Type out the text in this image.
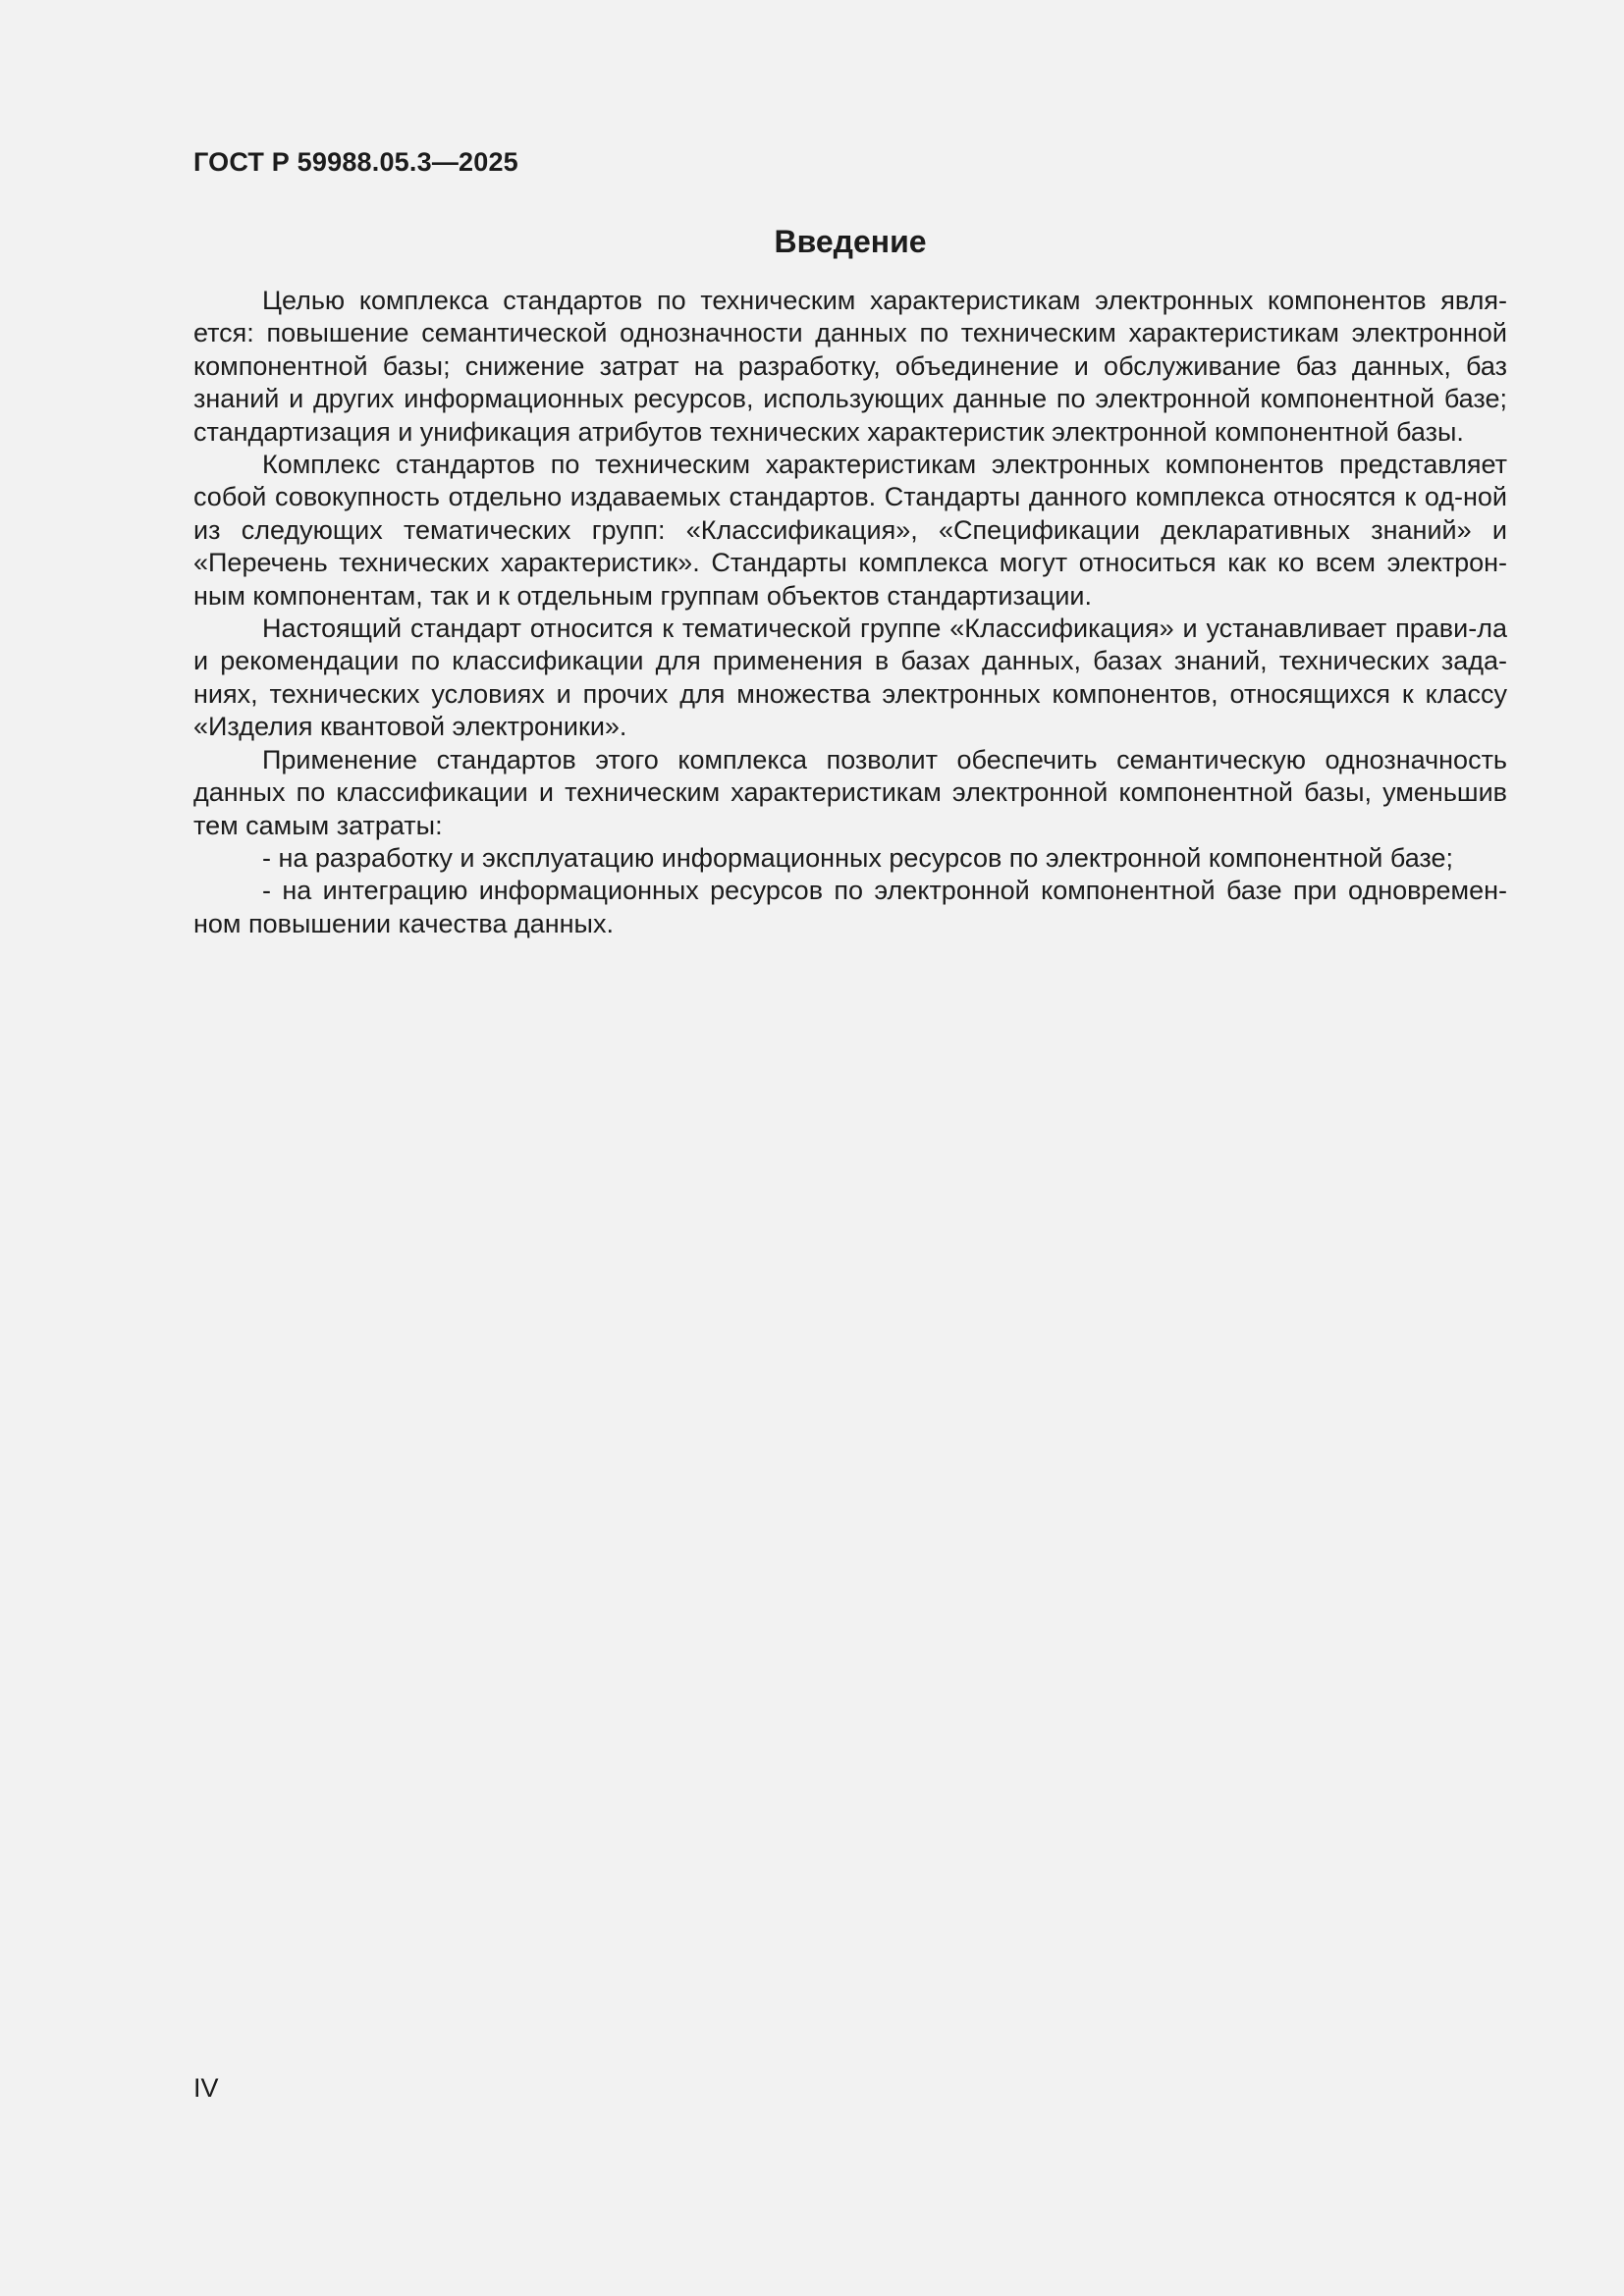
ГОСТ Р 59988.05.3—2025
Введение

Целью комплекса стандартов по техническим характеристикам электронных компонентов явля-ется: повышение семантической однозначности данных по техническим характеристикам электронной компонентной базы; снижение затрат на разработку, объединение и обслуживание баз данных, баз знаний и других информационных ресурсов, использующих данные по электронной компонентной базе; стандартизация и унификация атрибутов технических характеристик электронной компонентной базы.

Комплекс стандартов по техническим характеристикам электронных компонентов представляет собой совокупность отдельно издаваемых стандартов. Стандарты данного комплекса относятся к од-ной из следующих тематических групп: «Классификация», «Спецификации декларативных знаний» и «Перечень технических характеристик». Стандарты комплекса могут относиться как ко всем электрон-ным компонентам, так и к отдельным группам объектов стандартизации.

Настоящий стандарт относится к тематической группе «Классификация» и устанавливает прави-ла и рекомендации по классификации для применения в базах данных, базах знаний, технических зада-ниях, технических условиях и прочих для множества электронных компонентов, относящихся к классу «Изделия квантовой электроники».

Применение стандартов этого комплекса позволит обеспечить семантическую однозначность данных по классификации и техническим характеристикам электронной компонентной базы, уменьшив тем самым затраты:

- на разработку и эксплуатацию информационных ресурсов по электронной компонентной базе;

- на интеграцию информационных ресурсов по электронной компонентной базе при одновремен-ном повышении качества данных.

IV
